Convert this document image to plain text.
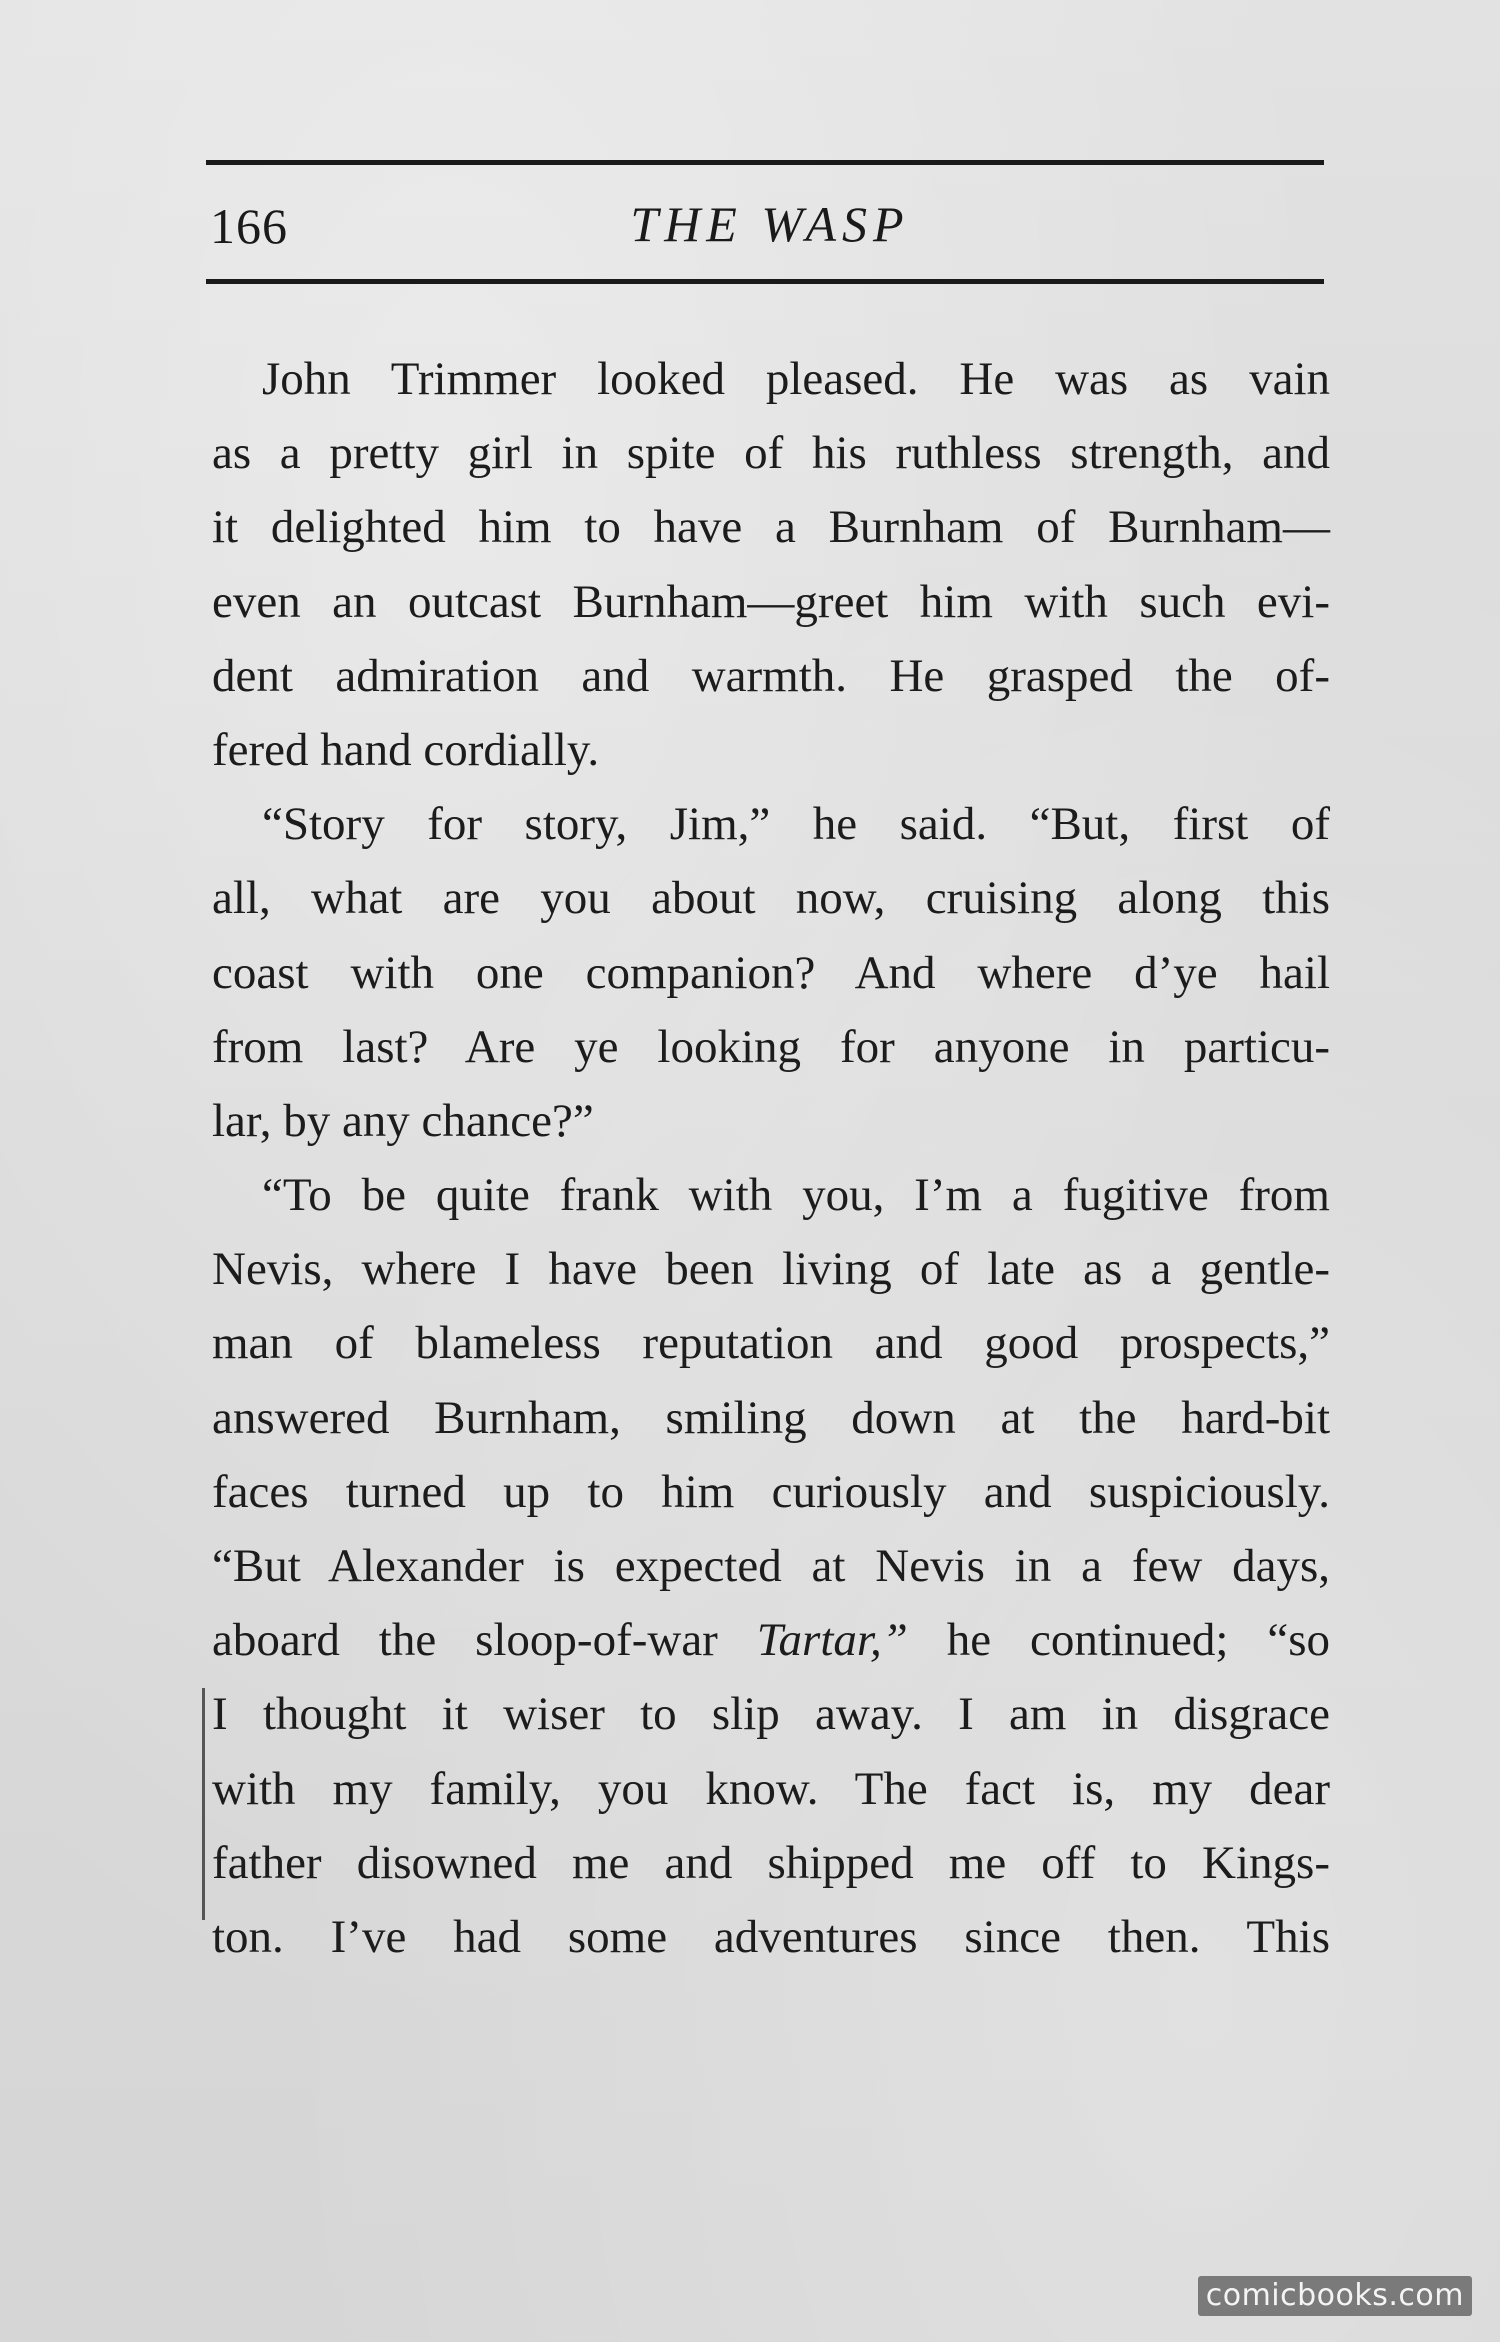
166	THE WASP
John Trimmer looked pleased. He was as vain
as a pretty girl in spite of his ruthless strength, and
it delighted him to have a Burnham of Burnham—
even an outcast Burnham—greet him with such evi-
dent admiration and warmth. He grasped the of-
fered hand cordially.
“Story for story, Jim,” he said. “But, first of
all, what are you about now, cruising along this
coast with one companion? And where d’ye hail
from last? Are ye looking for anyone in particu-
lar, by any chance?”
“To be quite frank with you, I’m a fugitive from
Nevis, where I have been living of late as a gentle-
man of blameless reputation and good prospects,”
answered Burnham, smiling down at the hard-bit
faces turned up to him curiously and suspiciously.
“But Alexander is expected at Nevis in a few days,
aboard the sloop-of-war Tartar,” he continued; “so
I thought it wiser to slip away. I am in disgrace
with my family, you know. The fact is, my dear
father disowned me and shipped me off to Kings-
ton. I’ve had some adventures since then. This
comicbooks.com
